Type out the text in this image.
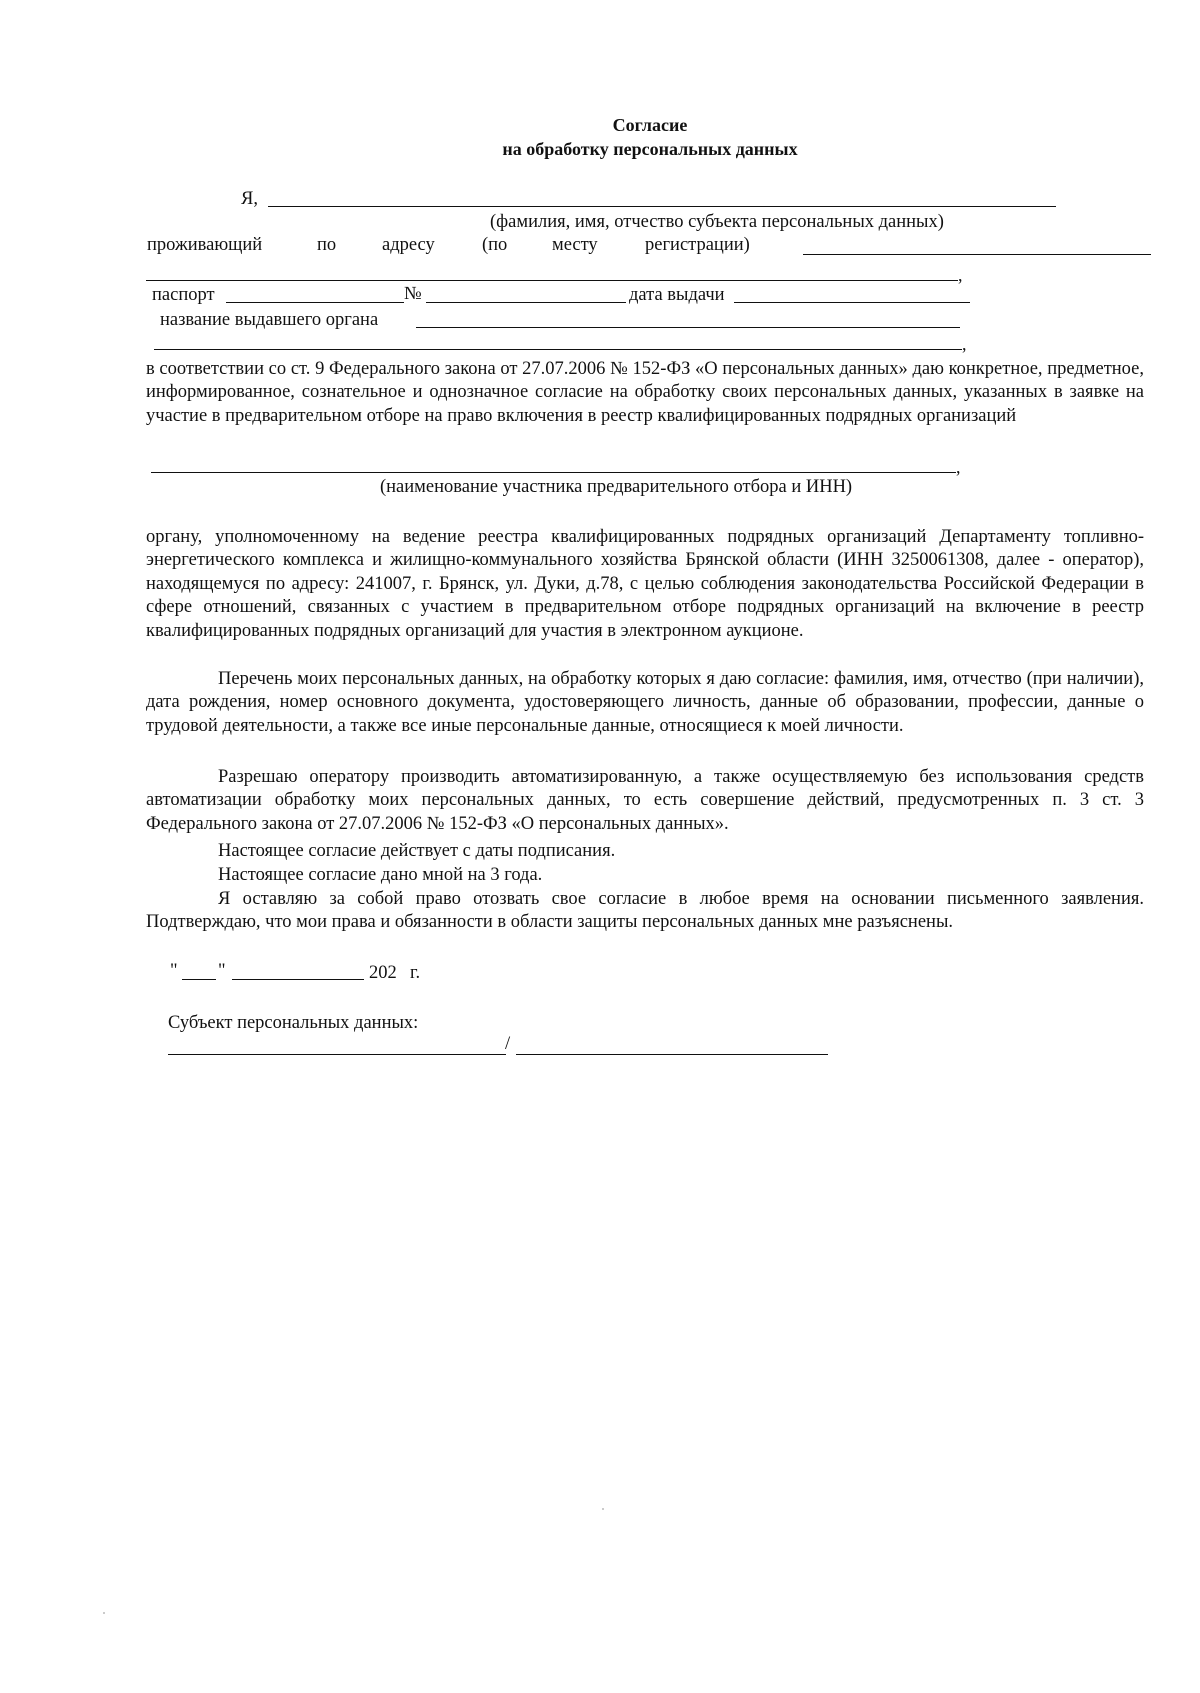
Согласие
на обработку персональных данных
Я,
(фамилия, имя, отчество субъекта персональных данных)
проживающий	по адресу	(по месту	регистрации)
,
паспорт	№	дата выдачи
название выдавшего органа
,
в соответствии со ст. 9 Федерального закона от 27.07.2006 № 152-ФЗ «О персональных данных» даю конкретное, предметное, информированное, сознательное и однозначное согласие на обработку своих персональных данных, указанных в заявке на участие в предварительном отборе на право включения в реестр квалифицированных подрядных организаций
,
(наименование участника предварительного отбора и ИНН)
органу, уполномоченному на ведение реестра квалифицированных подрядных организаций Департаменту топливно-энергетического комплекса и жилищно-коммунального хозяйства Брянской области (ИНН 3250061308, далее - оператор), находящемуся по адресу: 241007, г. Брянск, ул. Дуки, д.78, с целью соблюдения законодательства Российской Федерации в сфере отношений, связанных с участием в предварительном отборе подрядных организаций на включение в реестр квалифицированных подрядных организаций для участия в электронном аукционе.
Перечень моих персональных данных, на обработку которых я даю согласие: фамилия, имя, отчество (при наличии), дата рождения, номер основного документа, удостоверяющего личность, данные об образовании, профессии, данные о трудовой деятельности, а также все иные персональные данные, относящиеся к моей личности.
Разрешаю оператору производить автоматизированную, а также осуществляемую без использования средств автоматизации обработку моих персональных данных, то есть совершение действий, предусмотренных п. 3 ст. 3 Федерального закона от 27.07.2006 № 152-ФЗ «О персональных данных».
Настоящее согласие действует с даты подписания.
Настоящее согласие дано мной на 3 года.
Я оставляю за собой право отозвать свое согласие в любое время на основании письменного заявления. Подтверждаю, что мои права и обязанности в области защиты персональных данных мне разъяснены.
" "	202 г.
Субъект персональных данных:
/
